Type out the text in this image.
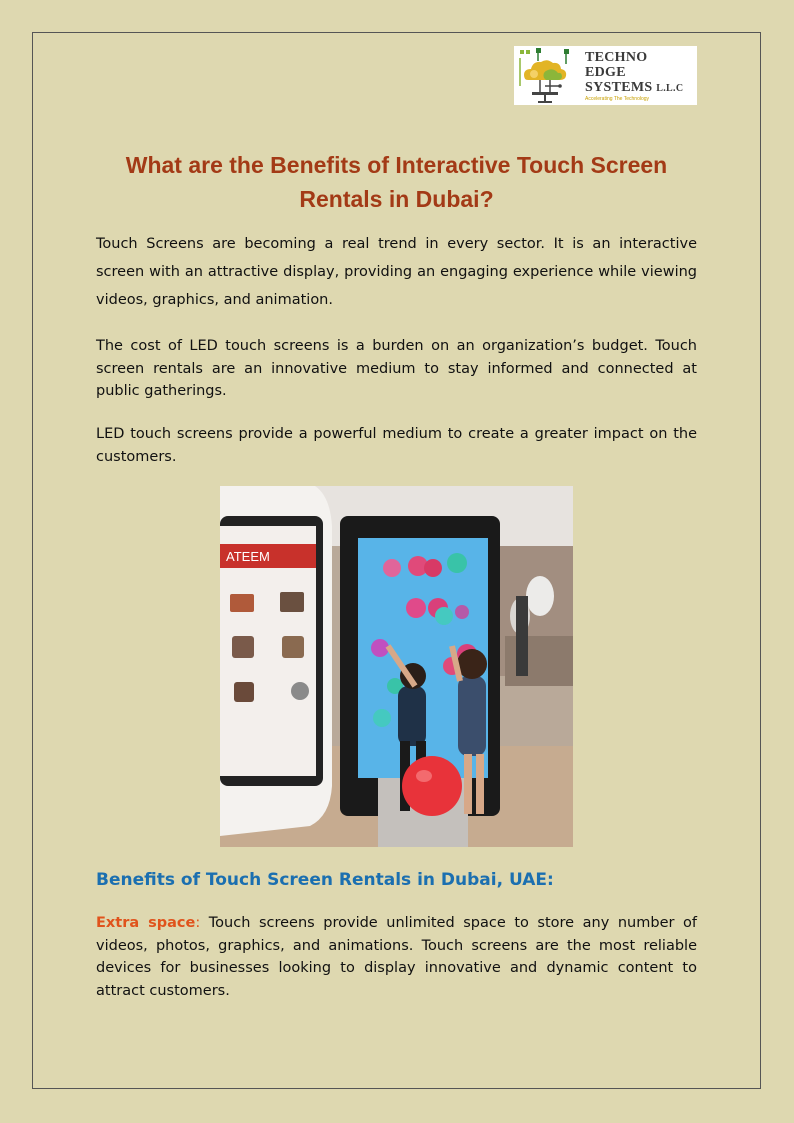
TECHNO
EDGE
SYSTEMS L.L.C
Accelerating The Technology
What are the Benefits of Interactive Touch Screen Rentals in Dubai?

Touch Screens are becoming a real trend in every sector. It is an interactive screen with an attractive display, providing an engaging experience while viewing videos, graphics, and animation.

The cost of LED touch screens is a burden on an organization’s budget. Touch screen rentals are an innovative medium to stay informed and connected at public gatherings.

LED touch screens provide a powerful medium to create a greater impact on the customers.

ATEEM
Benefits of Touch Screen Rentals in Dubai, UAE:

Extra space: Touch screens provide unlimited space to store any number of videos, photos, graphics, and animations. Touch screens are the most reliable devices for businesses looking to display innovative and dynamic content to attract customers.
